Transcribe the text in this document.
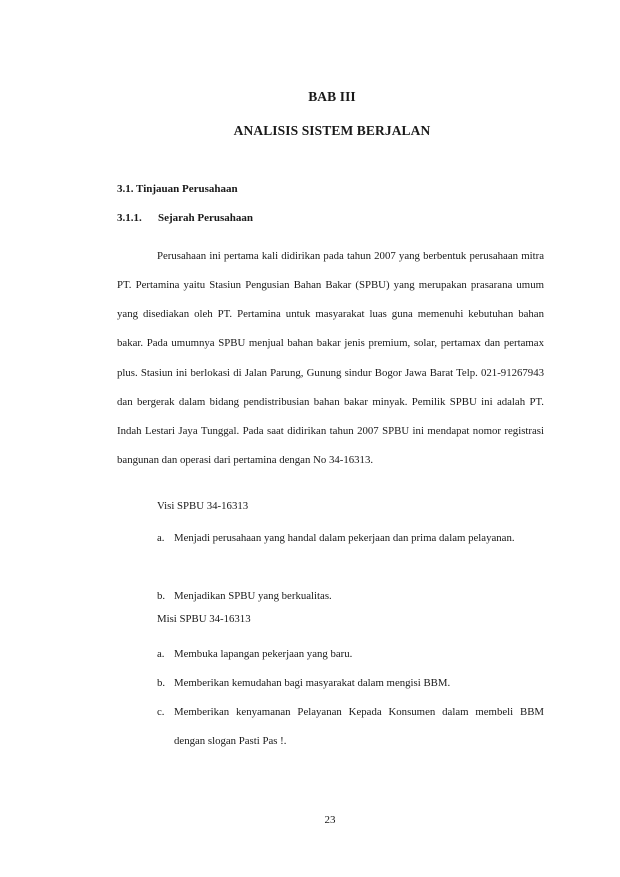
BAB III
ANALISIS SISTEM BERJALAN
3.1. Tinjauan Perusahaan
3.1.1. Sejarah Perusahaan

Perusahaan ini pertama kali didirikan pada tahun 2007 yang berbentuk perusahaan mitra PT. Pertamina yaitu Stasiun Pengusian Bahan Bakar (SPBU) yang merupakan prasarana umum yang disediakan oleh PT. Pertamina untuk masyarakat luas guna memenuhi kebutuhan bahan bakar. Pada umumnya SPBU menjual bahan bakar jenis premium, solar, pertamax dan pertamax plus. Stasiun ini berlokasi di Jalan Parung, Gunung sindur Bogor Jawa Barat Telp. 021-91267943 dan bergerak dalam bidang pendistribusian bahan bakar minyak. Pemilik SPBU ini adalah PT. Indah Lestari Jaya Tunggal. Pada saat didirikan tahun 2007 SPBU ini mendapat nomor registrasi bangunan dan operasi dari pertamina dengan No 34-16313.

Visi SPBU 34-16313
a. Menjadi perusahaan yang handal dalam pekerjaan dan prima dalam pelayanan.
b. Menjadikan SPBU yang berkualitas.
Misi SPBU 34-16313
a. Membuka lapangan pekerjaan yang baru.
b. Memberikan kemudahan bagi masyarakat dalam mengisi BBM.
c. Memberikan kenyamanan Pelayanan Kepada Konsumen dalam membeli BBM dengan slogan Pasti Pas !.
23
